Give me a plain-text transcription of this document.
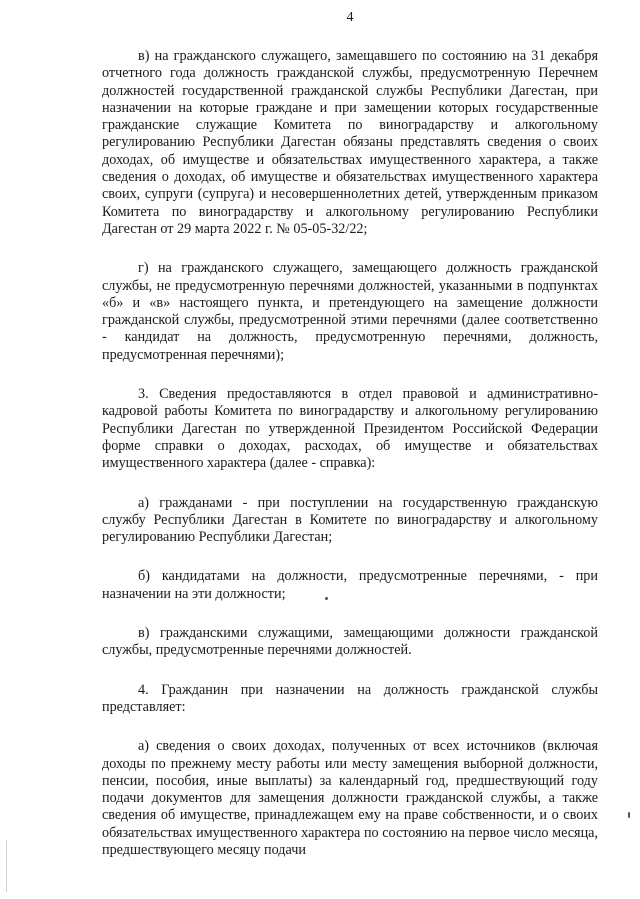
4

в) на гражданского служащего, замещавшего по состоянию на 31 декабря отчетного года должность гражданской службы, предусмотренную Перечнем должностей государственной гражданской службы Республики Дагестан, при назначении на которые граждане и при замещении которых государственные гражданские служащие Комитета по виноградарству и алкогольному регулированию Республики Дагестан обязаны представлять сведения о своих доходах, об имуществе и обязательствах имущественного характера, а также сведения о доходах, об имуществе и обязательствах имущественного характера своих, супруги (супруга) и несовершеннолетних детей, утвержденным приказом Комитета по виноградарству и алкогольному регулированию Республики Дагестан от 29 марта 2022 г. № 05-05-32/22;

г) на гражданского служащего, замещающего должность гражданской службы, не предусмотренную перечнями должностей, указанными в подпунктах «б» и «в» настоящего пункта, и претендующего на замещение должности гражданской службы, предусмотренной этими перечнями (далее соответственно - кандидат на должность, предусмотренную перечнями, должность, предусмотренная перечнями);

3. Сведения предоставляются в отдел правовой и административно-кадровой работы Комитета по виноградарству и алкогольному регулированию Республики Дагестан по утвержденной Президентом Российской Федерации форме справки о доходах, расходах, об имуществе и обязательствах имущественного характера (далее - справка):

а) гражданами - при поступлении на государственную гражданскую службу Республики Дагестан в Комитете по виноградарству и алкогольному регулированию Республики Дагестан;

б) кандидатами на должности, предусмотренные перечнями, - при назначении на эти должности;

в) гражданскими служащими, замещающими должности гражданской службы, предусмотренные перечнями должностей.

4. Гражданин при назначении на должность гражданской службы представляет:

а) сведения о своих доходах, полученных от всех источников (включая доходы по прежнему месту работы или месту замещения выборной должности, пенсии, пособия, иные выплаты) за календарный год, предшествующий году подачи документов для замещения должности гражданской службы, а также сведения об имуществе, принадлежащем ему на праве собственности, и о своих обязательствах имущественного характера по состоянию на первое число месяца, предшествующего месяцу подачи
